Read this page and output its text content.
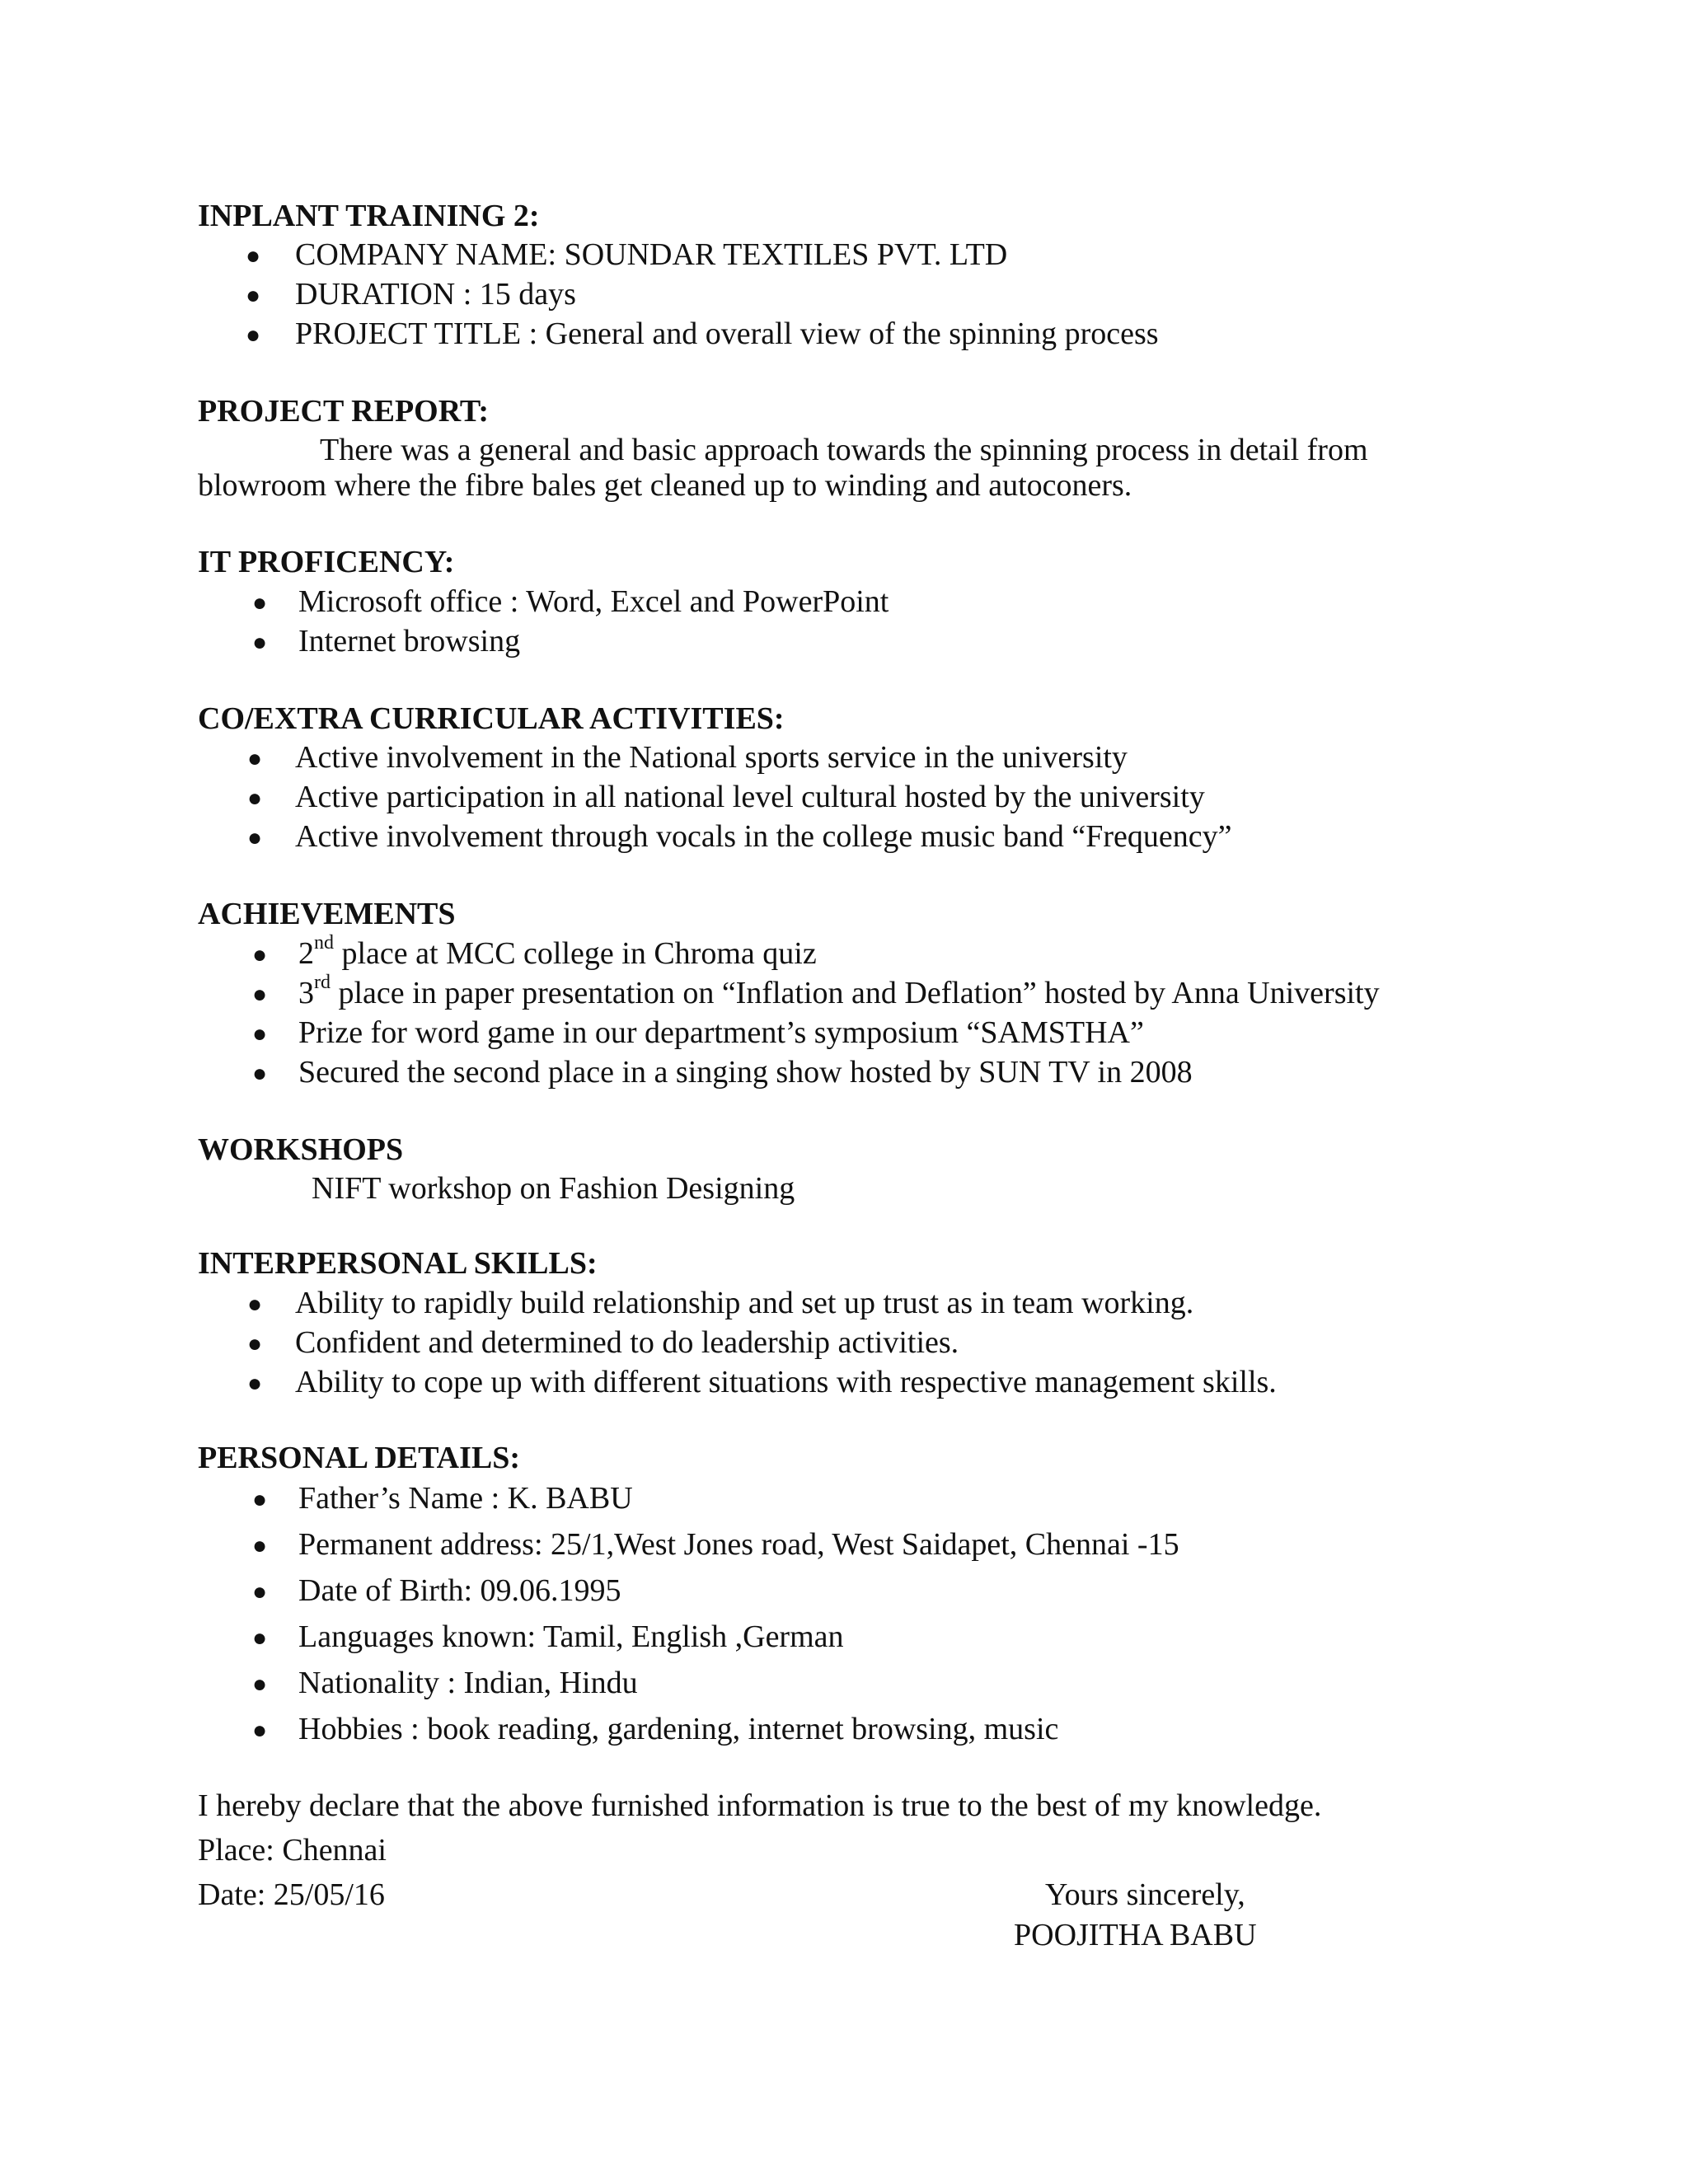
INPLANT TRAINING 2:
● COMPANY NAME: SOUNDAR TEXTILES PVT. LTD
● DURATION : 15 days
● PROJECT TITLE : General and overall view of the spinning process
PROJECT REPORT:
There was a general and basic approach towards the spinning process in detail from
blowroom where the fibre bales get cleaned up to winding and autoconers.
IT PROFICENCY:
● Microsoft office : Word, Excel and PowerPoint
● Internet browsing
CO/EXTRA CURRICULAR ACTIVITIES:
● Active involvement in the National sports service in the university
● Active participation in all national level cultural hosted by the university
● Active involvement through vocals in the college music band “Frequency”
ACHIEVEMENTS
● 2nd place at MCC college in Chroma quiz
● 3rd place in paper presentation on “Inflation and Deflation” hosted by Anna University
● Prize for word game in our department’s symposium “SAMSTHA”
● Secured the second place in a singing show hosted by SUN TV in 2008
WORKSHOPS
NIFT workshop on Fashion Designing
INTERPERSONAL SKILLS:
● Ability to rapidly build relationship and set up trust as in team working.
● Confident and determined to do leadership activities.
● Ability to cope up with different situations with respective management skills.
PERSONAL DETAILS:
● Father’s Name : K. BABU
● Permanent address: 25/1,West Jones road, West Saidapet, Chennai -15
● Date of Birth: 09.06.1995
● Languages known: Tamil, English ,German
● Nationality : Indian, Hindu
● Hobbies : book reading, gardening, internet browsing, music
I hereby declare that the above furnished information is true to the best of my knowledge.
Place: Chennai
Date: 25/05/16	Yours sincerely,
POOJITHA BABU
